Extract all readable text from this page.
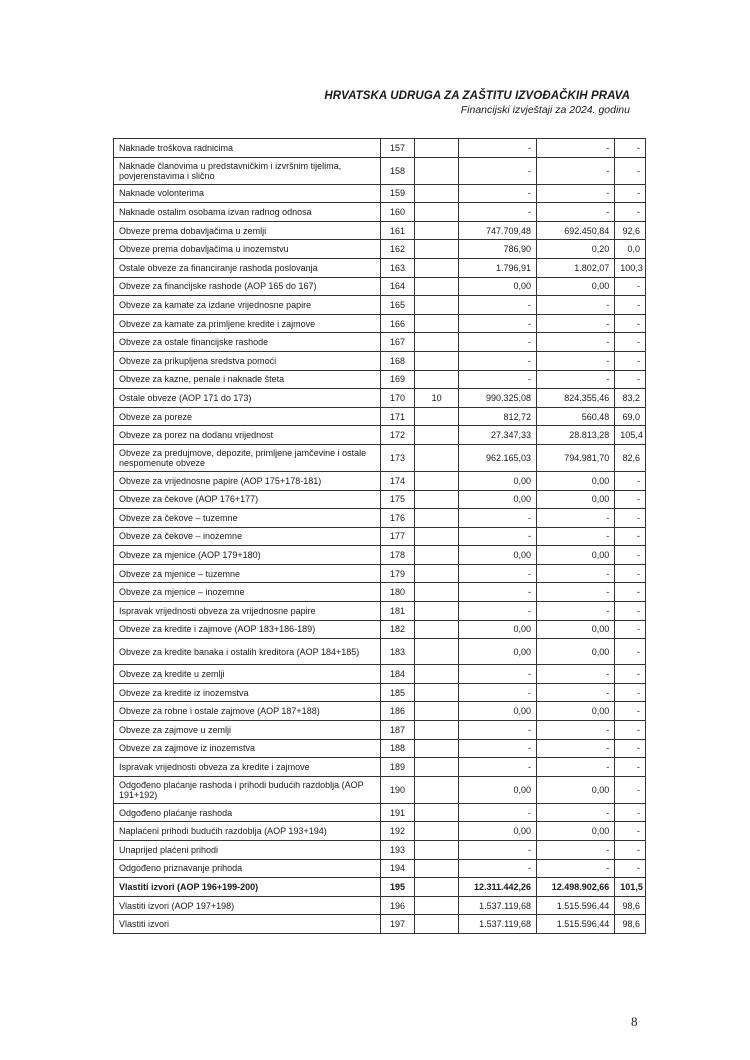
HRVATSKA UDRUGA ZA ZAŠTITU IZVOĐAČKIH PRAVA
Financijski izvještaji za 2024. godinu
Naknade troškova radnicima	157		-	-	-
Naknade članovima u predstavničkim i izvršnim tijelima, povjerenstavima i slično	158		-	-	-
Naknade volonterima	159		-	-	-
Naknade ostalim osobama izvan radnog odnosa	160		-	-	-
Obveze prema dobavljačima u zemlji	161		747.709,48	692.450,84	92,6
Obveze prema dobavljačima u inozemstvu	162		786,90	0,20	0,0
Ostale obveze za financiranje rashoda poslovanja	163		1.796,91	1.802,07	100,3
Obveze za financijske rashode (AOP 165 do 167)	164		0,00	0,00	-
Obveze za kamate za izdane vrijednosne papire	165		-	-	-
Obveze za kamate za primljene kredite i zajmove	166		-	-	-
Obveze za ostale financijske rashode	167		-	-	-
Obveze za prikupljena sredstva pomoći	168		-	-	-
Obveze za kazne, penale i naknade šteta	169		-	-	-
Ostale obveze (AOP 171 do 173)	170	10	990.325,08	824.355,46	83,2
Obveze za poreze	171		812,72	560,48	69,0
Obveze za porez na dodanu vrijednost	172		27.347,33	28.813,28	105,4
Obveze za predujmove, depozite, primljene jamčevine i ostale nespomenute obveze	173		962.165,03	794.981,70	82,6
Obveze za vrijednosne papire (AOP 175+178-181)	174		0,00	0,00	-
Obveze za čekove (AOP 176+177)	175		0,00	0,00	-
Obveze za čekove – tuzemne	176		-	-	-
Obveze za čekove – inozemne	177		-	-	-
Obveze za mjenice (AOP 179+180)	178		0,00	0,00	-
Obveze za mjenice – tuzemne	179		-	-	-
Obveze za mjenice – inozemne	180		-	-	-
Ispravak vrijednosti obveza za vrijednosne papire	181		-	-	-
Obveze za kredite i zajmove (AOP 183+186-189)	182		0,00	0,00	-
Obveze za kredite banaka i ostalih kreditora (AOP 184+185)	183		0,00	0,00	-
Obveze za kredite u zemlji	184		-	-	-
Obveze za kredite iz inozemstva	185		-	-	-
Obveze za robne i ostale zajmove (AOP 187+188)	186		0,00	0,00	-
Obveze za zajmove u zemlji	187		-	-	-
Obveze za zajmove iz inozemstva	188		-	-	-
Ispravak vrijednosti obveza za kredite i zajmove	189		-	-	-
Odgođeno plaćanje rashoda i prihodi budućih razdoblja (AOP 191+192)	190		0,00	0,00	-
Odgođeno plaćanje rashoda	191		-	-	-
Naplaćeni prihodi budućih razdoblja (AOP 193+194)	192		0,00	0,00	-
Unaprijed plaćeni prihodi	193		-	-	-
Odgođeno priznavanje prihoda	194		-	-	-
Vlastiti izvori (AOP 196+199-200)	195		12.311.442,26	12.498.902,66	101,5
Vlastiti izvori (AOP 197+198)	196		1.537.119,68	1.515.596,44	98,6
Vlastiti izvori	197		1.537.119,68	1.515.596,44	98,6
8
